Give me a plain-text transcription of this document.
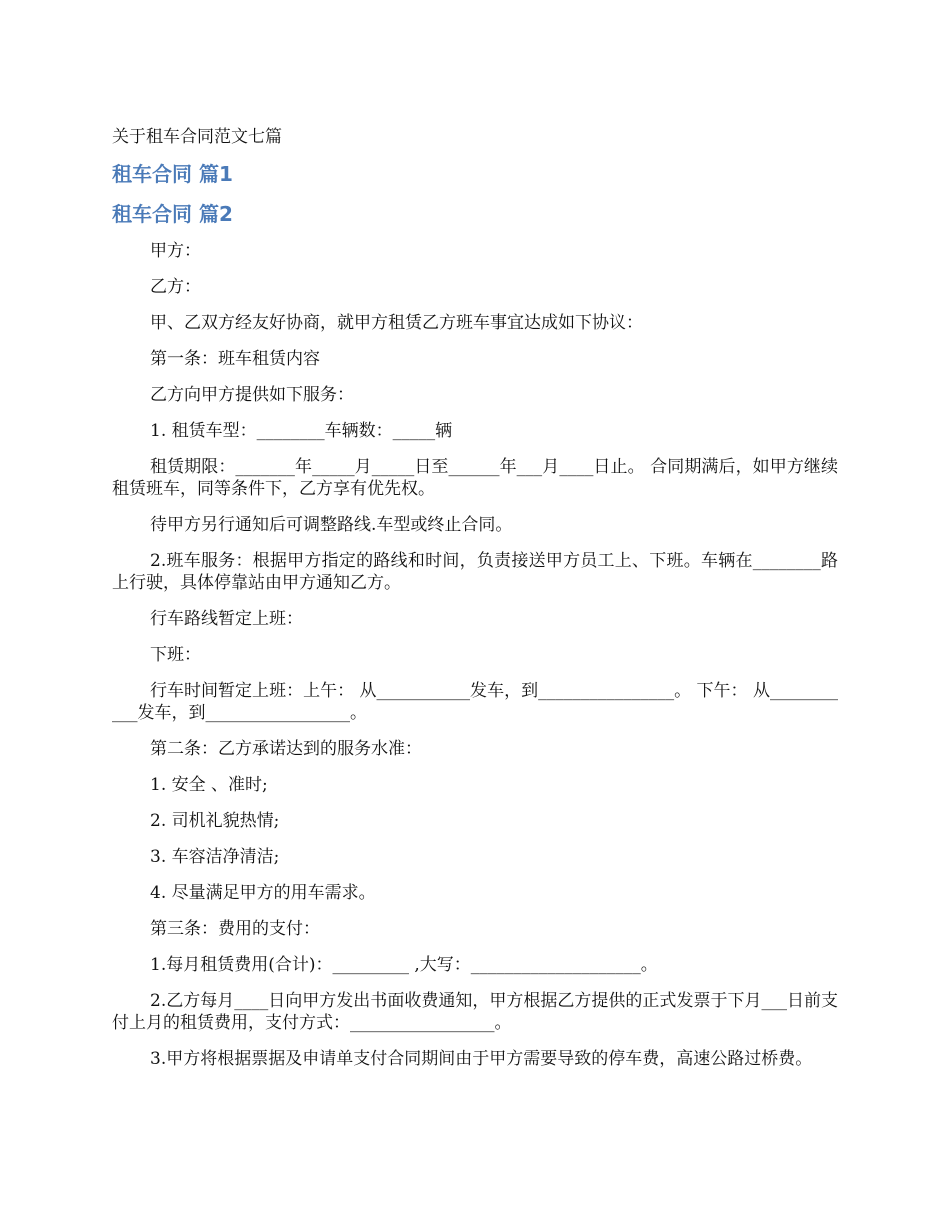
关于租车合同范文七篇
租车合同 篇1
租车合同 篇2

甲方：

乙方：

甲、乙双方经友好协商，就甲方租赁乙方班车事宜达成如下协议：

第一条：班车租赁内容

乙方向甲方提供如下服务：

1. 租赁车型：________车辆数：_____辆

租赁期限：_______年_____月_____日至______年___月____日止。 合同期满后，如甲方继续租赁班车，同等条件下，乙方享有优先权。

待甲方另行通知后可调整路线.车型或终止合同。

2.班车服务：根据甲方指定的路线和时间，负责接送甲方员工上、下班。车辆在________路上行驶，具体停靠站由甲方通知乙方。

行车路线暂定上班：

下班：

行车时间暂定上班：上午： 从___________发车，到________________。 下午： 从___________发车，到_________________。

第二条：乙方承诺达到的服务水准：

1. 安全 、准时;

2. 司机礼貌热情;

3. 车容洁净清洁;

4. 尽量满足甲方的用车需求。

第三条：费用的支付：

1.每月租赁费用(合计)：_________ ,大写：____________________。

2.乙方每月____日向甲方发出书面收费通知，甲方根据乙方提供的正式发票于下月___日前支付上月的租赁费用，支付方式：_________________。

3.甲方将根据票据及申请单支付合同期间由于甲方需要导致的停车费，高速公路过桥费。
